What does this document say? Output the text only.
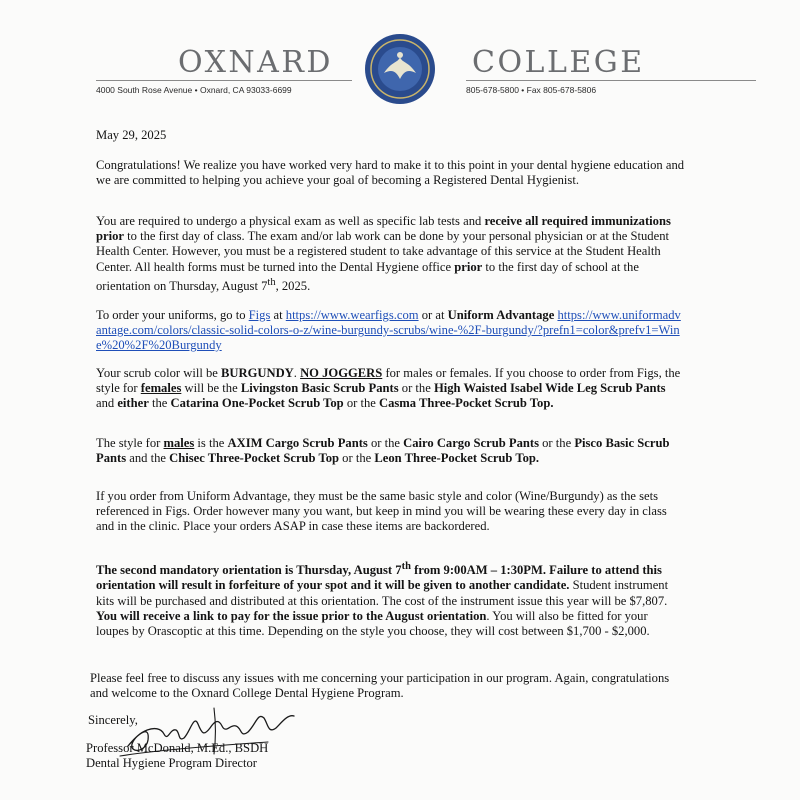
OXNARD	COLLEGE
4000 South Rose Avenue • Oxnard, CA 93033-6699	805-678-5800 • Fax 805-678-5806

May 29, 2025

Congratulations! We realize you have worked very hard to make it to this point in your dental hygiene education and we are committed to helping you achieve your goal of becoming a Registered Dental Hygienist.

You are required to undergo a physical exam as well as specific lab tests and receive all required immunizations prior to the first day of class. The exam and/or lab work can be done by your personal physician or at the Student Health Center. However, you must be a registered student to take advantage of this service at the Student Health Center. All health forms must be turned into the Dental Hygiene office prior to the first day of school at the orientation on Thursday, August 7th, 2025.

To order your uniforms, go to Figs at https://www.wearfigs.com or at Uniform Advantage https://www.uniformadvantage.com/colors/classic-solid-colors-o-z/wine-burgundy-scrubs/wine-%2F-burgundy/?prefn1=color&prefv1=Wine%20%2F%20Burgundy

Your scrub color will be BURGUNDY. NO JOGGERS for males or females. If you choose to order from Figs, the style for females will be the Livingston Basic Scrub Pants or the High Waisted Isabel Wide Leg Scrub Pants and either the Catarina One-Pocket Scrub Top or the Casma Three-Pocket Scrub Top.

The style for males is the AXIM Cargo Scrub Pants or the Cairo Cargo Scrub Pants or the Pisco Basic Scrub Pants and the Chisec Three-Pocket Scrub Top or the Leon Three-Pocket Scrub Top.

If you order from Uniform Advantage, they must be the same basic style and color (Wine/Burgundy) as the sets referenced in Figs. Order however many you want, but keep in mind you will be wearing these every day in class and in the clinic. Place your orders ASAP in case these items are backordered.

The second mandatory orientation is Thursday, August 7th from 9:00AM – 1:30PM. Failure to attend this orientation will result in forfeiture of your spot and it will be given to another candidate. Student instrument kits will be purchased and distributed at this orientation. The cost of the instrument issue this year will be $7,807. You will receive a link to pay for the issue prior to the August orientation. You will also be fitted for your loupes by Orascoptic at this time. Depending on the style you choose, they will cost between $1,700 - $2,000.

Please feel free to discuss any issues with me concerning your participation in our program. Again, congratulations and welcome to the Oxnard College Dental Hygiene Program.

Sincerely,

Professor McDonald, M.Ed., BSDH

Dental Hygiene Program Director
